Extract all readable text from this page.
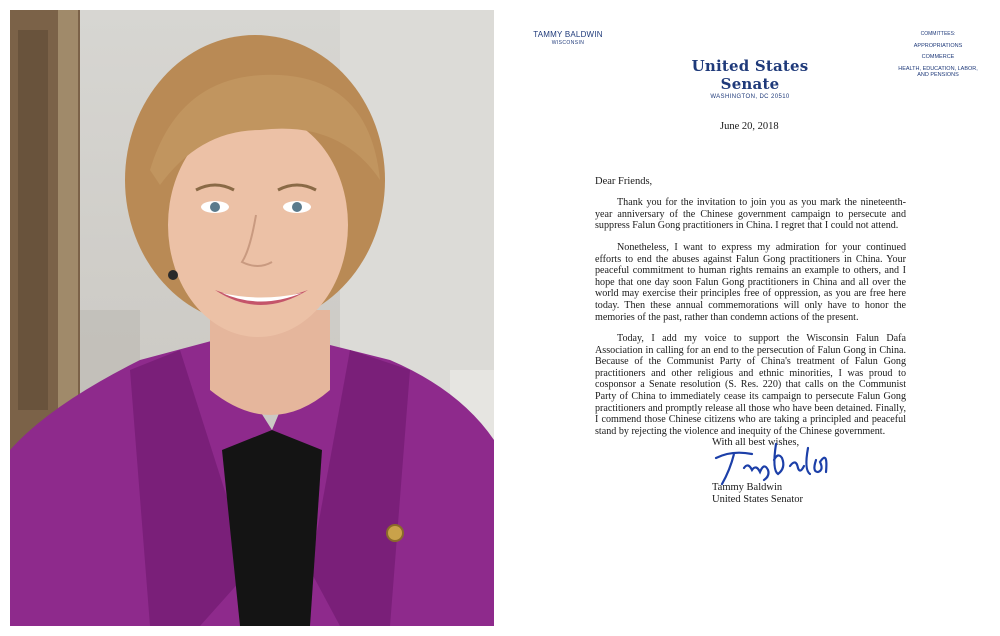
TAMMY BALDWIN
WISCONSIN
United States Senate
WASHINGTON, DC 20510
COMMITTEES:
APPROPRIATIONS
COMMERCE
HEALTH, EDUCATION, LABOR, AND PENSIONS
June 20, 2018
Dear Friends,

Thank you for the invitation to join you as you mark the nineteenth-year anniversary of the Chinese government campaign to persecute and suppress Falun Gong practitioners in China. I regret that I could not attend.

Nonetheless, I want to express my admiration for your continued efforts to end the abuses against Falun Gong practitioners in China. Your peaceful commitment to human rights remains an example to others, and I hope that one day soon Falun Gong practitioners in China and all over the world may exercise their principles free of oppression, as you are free here today. Then these annual commemorations will only have to honor the memories of the past, rather than condemn actions of the present.

Today, I add my voice to support the Wisconsin Falun Dafa Association in calling for an end to the persecution of Falun Gong in China. Because of the Communist Party of China's treatment of Falun Gong practitioners and other religious and ethnic minorities, I was proud to cosponsor a Senate resolution (S. Res. 220) that calls on the Communist Party of China to immediately cease its campaign to persecute Falun Gong practitioners and promptly release all those who have been detained. Finally, I commend those Chinese citizens who are taking a principled and peaceful stand by rejecting the violence and inequity of the Chinese government.

With all best wishes,
Tammy Baldwin
United States Senator
